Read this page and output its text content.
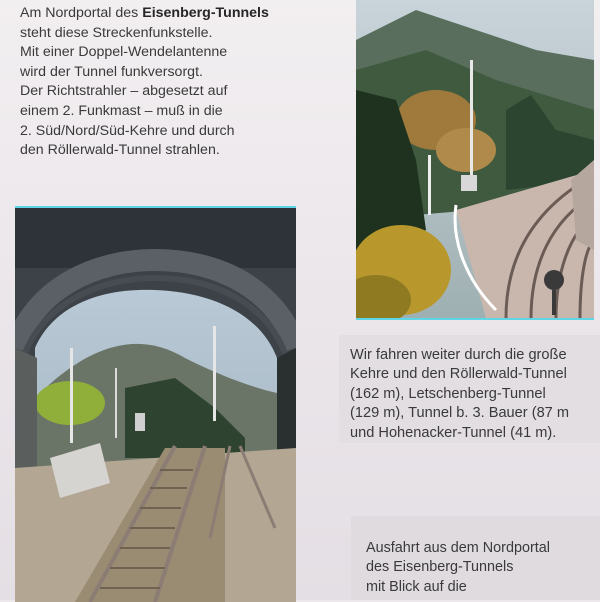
Am Nordportal des Eisenberg-Tunnels
steht diese Streckenfunkstelle.
Mit einer Doppel-Wendelantenne
wird der Tunnel funkversorgt.
Der Richtstrahler – abgesetzt auf
einem 2. Funkmast – muß in die
2. Süd/Nord/Süd-Kehre und durch
den Röllerwald-Tunnel strahlen.
Wir fahren weiter durch die große
Kehre und den Röllerwald-Tunnel
(162 m), Letschenberg-Tunnel
(129 m), Tunnel b. 3. Bauer (87 m
und Hohenacker-Tunnel (41 m).
Ausfahrt aus dem Nordportal
des Eisenberg-Tunnels
mit Blick auf die
